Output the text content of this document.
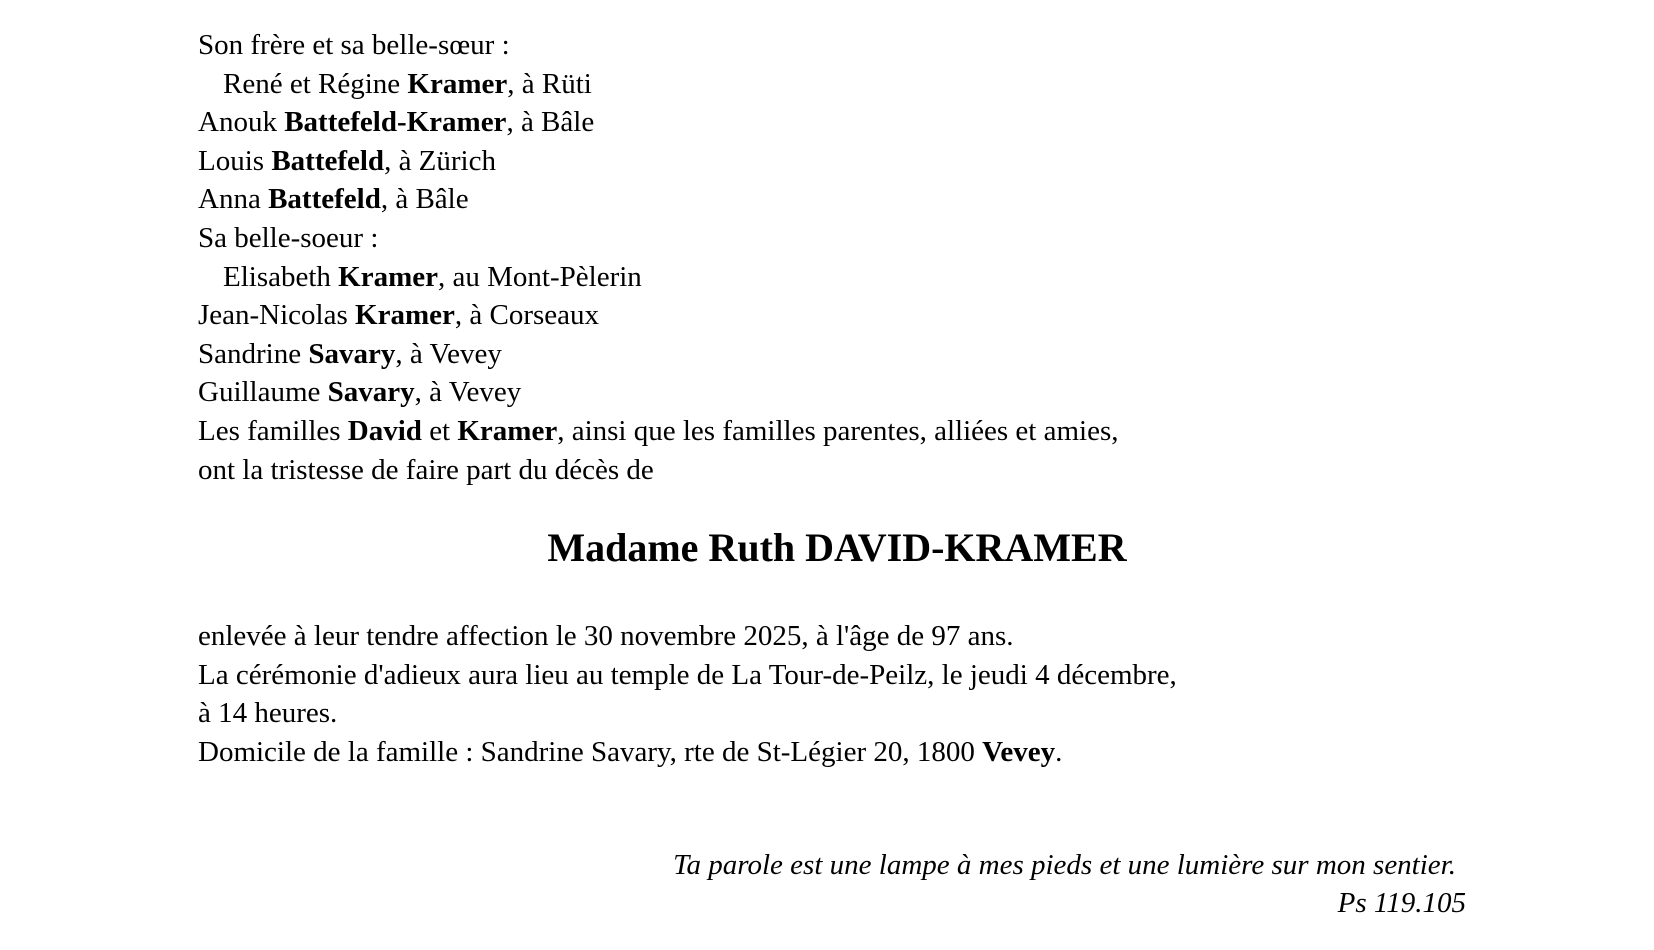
Son frère et sa belle-sœur :
René et Régine Kramer, à Rüti
Anouk Battefeld-Kramer, à Bâle
Louis Battefeld, à Zürich
Anna Battefeld, à Bâle
Sa belle-soeur :
Elisabeth Kramer, au Mont-Pèlerin
Jean-Nicolas Kramer, à Corseaux
Sandrine Savary, à Vevey
Guillaume Savary, à Vevey
Les familles David et Kramer, ainsi que les familles parentes, alliées et amies,
ont la tristesse de faire part du décès de
Madame Ruth DAVID-KRAMER
enlevée à leur tendre affection le 30 novembre 2025, à l'âge de 97 ans.
La cérémonie d'adieux aura lieu au temple de La Tour-de-Peilz, le jeudi 4 décembre,
à 14 heures.
Domicile de la famille : Sandrine Savary, rte de St-Légier 20, 1800 Vevey.
Ta parole est une lampe à mes pieds et une lumière sur mon sentier.
Ps 119.105
